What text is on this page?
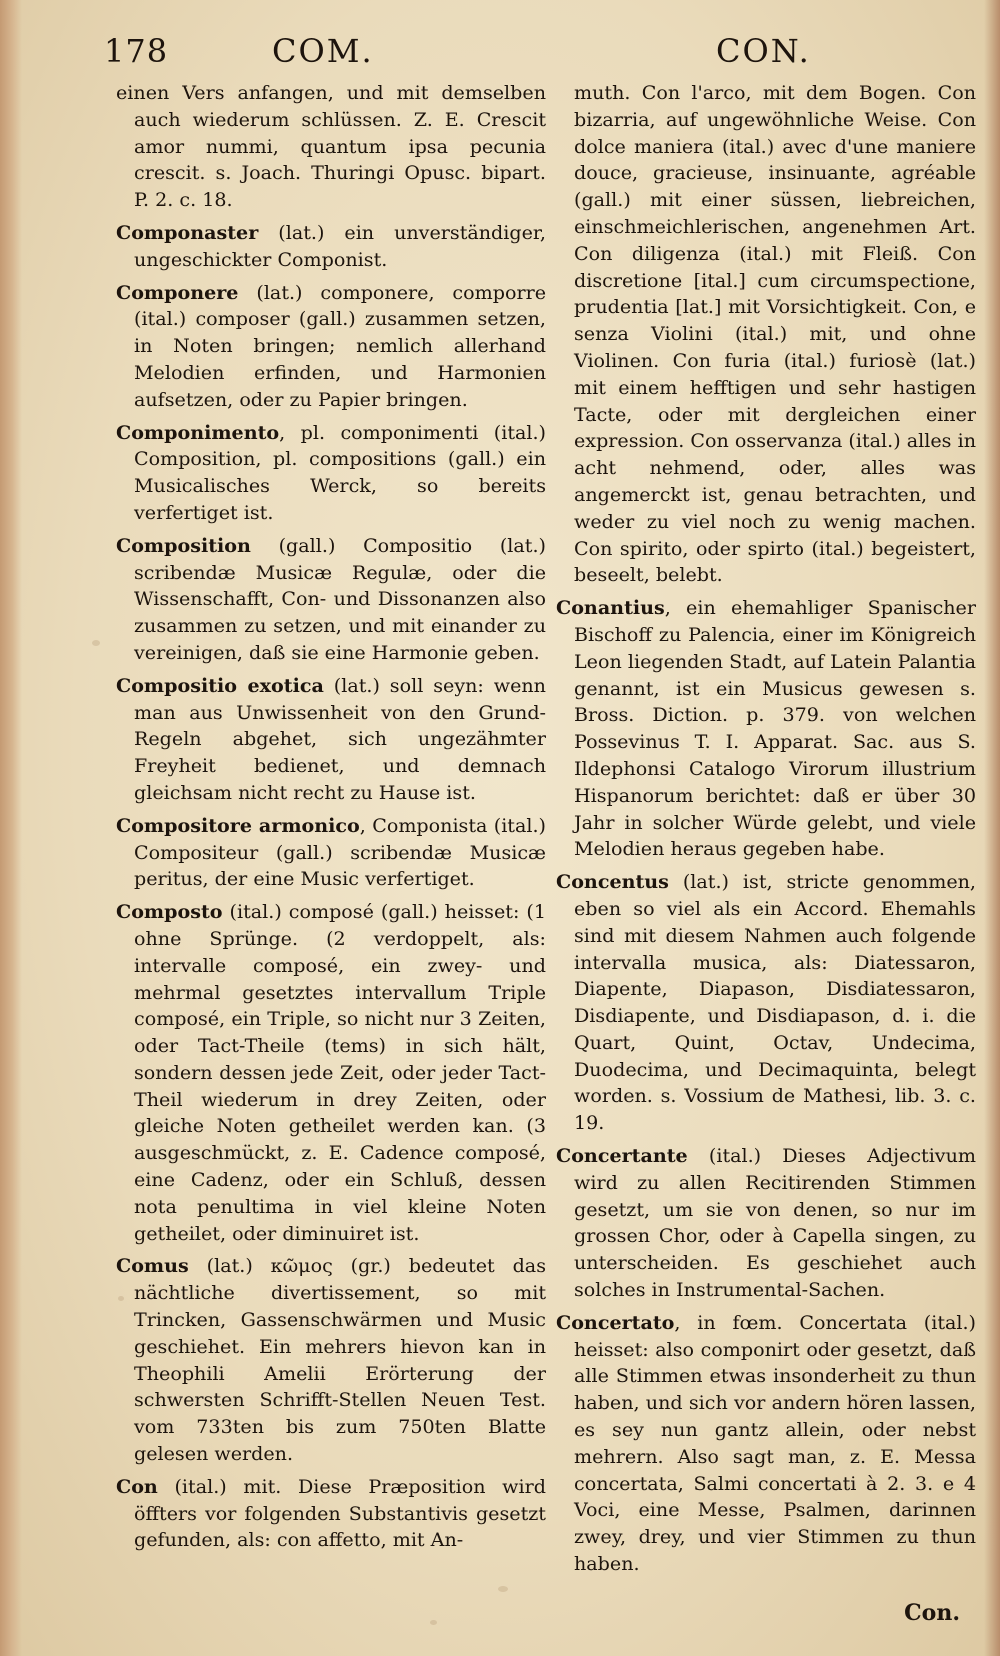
178	COM.	CON.

einen Vers anfangen, und mit demselben auch wiederum schlüssen. Z. E. Crescit amor nummi, quantum ipsa pecunia crescit. s. Joach. Thuringi Opusc. bipart. P. 2. c. 18.

Componaster (lat.) ein unverständiger, ungeschickter Componist.

Componere (lat.) componere, comporre (ital.) composer (gall.) zusammen setzen, in Noten bringen; nemlich allerhand Melodien erfinden, und Harmonien aufsetzen, oder zu Papier bringen.

Componimento, pl. componimenti (ital.) Composition, pl. compositions (gall.) ein Musicalisches Werck, so bereits verfertiget ist.

Composition (gall.) Compositio (lat.) scribendæ Musicæ Regulæ, oder die Wissenschafft, Con- und Dissonanzen also zusammen zu setzen, und mit einander zu vereinigen, daß sie eine Harmonie geben.

Compositio exotica (lat.) soll seyn: wenn man aus Unwissenheit von den Grund-Regeln abgehet, sich ungezähmter Freyheit bedienet, und demnach gleichsam nicht recht zu Hause ist.

Compositore armonico, Componista (ital.) Compositeur (gall.) scribendæ Musicæ peritus, der eine Music verfertiget.

Composto (ital.) composé (gall.) heisset: (1 ohne Sprünge. (2 verdoppelt, als: intervalle composé, ein zwey- und mehrmal gesetztes intervallum Triple composé, ein Triple, so nicht nur 3 Zeiten, oder Tact-Theile (tems) in sich hält, sondern dessen jede Zeit, oder jeder Tact-Theil wiederum in drey Zeiten, oder gleiche Noten getheilet werden kan. (3 ausgeschmückt, z. E. Cadence composé, eine Cadenz, oder ein Schluß, dessen nota penultima in viel kleine Noten getheilet, oder diminuiret ist.

Comus (lat.) κῶμος (gr.) bedeutet das nächtliche divertissement, so mit Trincken, Gassenschwärmen und Music geschiehet. Ein mehrers hievon kan in Theophili Amelii Erörterung der schwersten Schrifft-Stellen Neuen Test. vom 733ten bis zum 750ten Blatte gelesen werden.

Con (ital.) mit. Diese Præposition wird öffters vor folgenden Substantivis gesetzt gefunden, als: con affetto, mit An-

muth. Con l'arco, mit dem Bogen. Con bizarria, auf ungewöhnliche Weise. Con dolce maniera (ital.) avec d'une maniere douce, gracieuse, insinuante, agréable (gall.) mit einer süssen, liebreichen, einschmeichlerischen, angenehmen Art. Con diligenza (ital.) mit Fleiß. Con discretione [ital.] cum circumspectione, prudentia [lat.] mit Vorsichtigkeit. Con, e senza Violini (ital.) mit, und ohne Violinen. Con furia (ital.) furiosè (lat.) mit einem hefftigen und sehr hastigen Tacte, oder mit dergleichen einer expression. Con osservanza (ital.) alles in acht nehmend, oder, alles was angemerckt ist, genau betrachten, und weder zu viel noch zu wenig machen. Con spirito, oder spirto (ital.) begeistert, beseelt, belebt.

Conantius, ein ehemahliger Spanischer Bischoff zu Palencia, einer im Königreich Leon liegenden Stadt, auf Latein Palantia genannt, ist ein Musicus gewesen s. Bross. Diction. p. 379. von welchen Possevinus T. I. Apparat. Sac. aus S. Ildephonsi Catalogo Virorum illustrium Hispanorum berichtet: daß er über 30 Jahr in solcher Würde gelebt, und viele Melodien heraus gegeben habe.

Concentus (lat.) ist, stricte genommen, eben so viel als ein Accord. Ehemahls sind mit diesem Nahmen auch folgende intervalla musica, als: Diatessaron, Diapente, Diapason, Disdiatessaron, Disdiapente, und Disdiapason, d. i. die Quart, Quint, Octav, Undecima, Duodecima, und Decimaquinta, belegt worden. s. Vossium de Mathesi, lib. 3. c. 19.

Concertante (ital.) Dieses Adjectivum wird zu allen Recitirenden Stimmen gesetzt, um sie von denen, so nur im grossen Chor, oder à Capella singen, zu unterscheiden. Es geschiehet auch solches in Instrumental-Sachen.

Concertato, in fœm. Concertata (ital.) heisset: also componirt oder gesetzt, daß alle Stimmen etwas insonderheit zu thun haben, und sich vor andern hören lassen, es sey nun gantz allein, oder nebst mehrern. Also sagt man, z. E. Messa concertata, Salmi concertati à 2. 3. e 4 Voci, eine Messe, Psalmen, darinnen zwey, drey, und vier Stimmen zu thun haben.

Con.
